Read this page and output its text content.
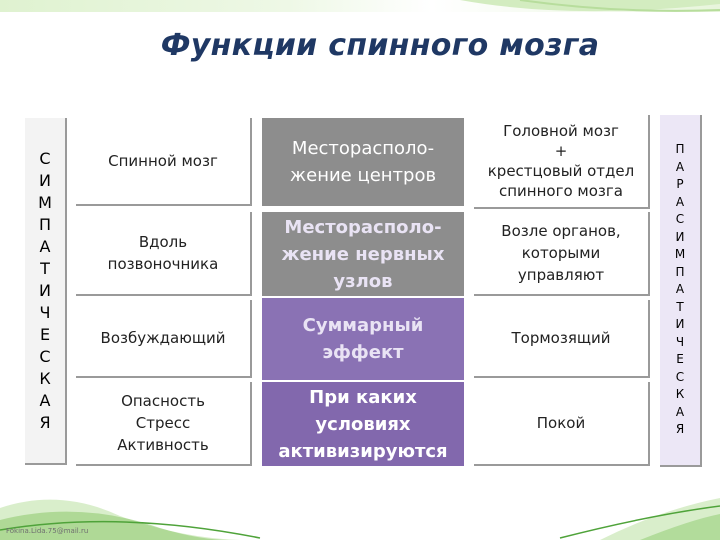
Функции спинного мозга
С
И
М
П
А
Т
И
Ч
Е
С
К
А
Я
П
А
Р
А
С
И
М
П
А
Т
И
Ч
Е
С
К
А
Я
Спинной мозг
Месторасполо-
жение центров
Головной мозг
+
крестцовый отдел
спинного мозга
Вдоль
позвоночника
Месторасполо-
жение нервных
узлов
Возле органов,
которыми
управляют
Возбуждающий
Суммарный
эффект
Тормозящий
Опасность
Стресс
Активность
При каких
условиях
активизируются
Покой
Fokina.Lida.75@mail.ru
